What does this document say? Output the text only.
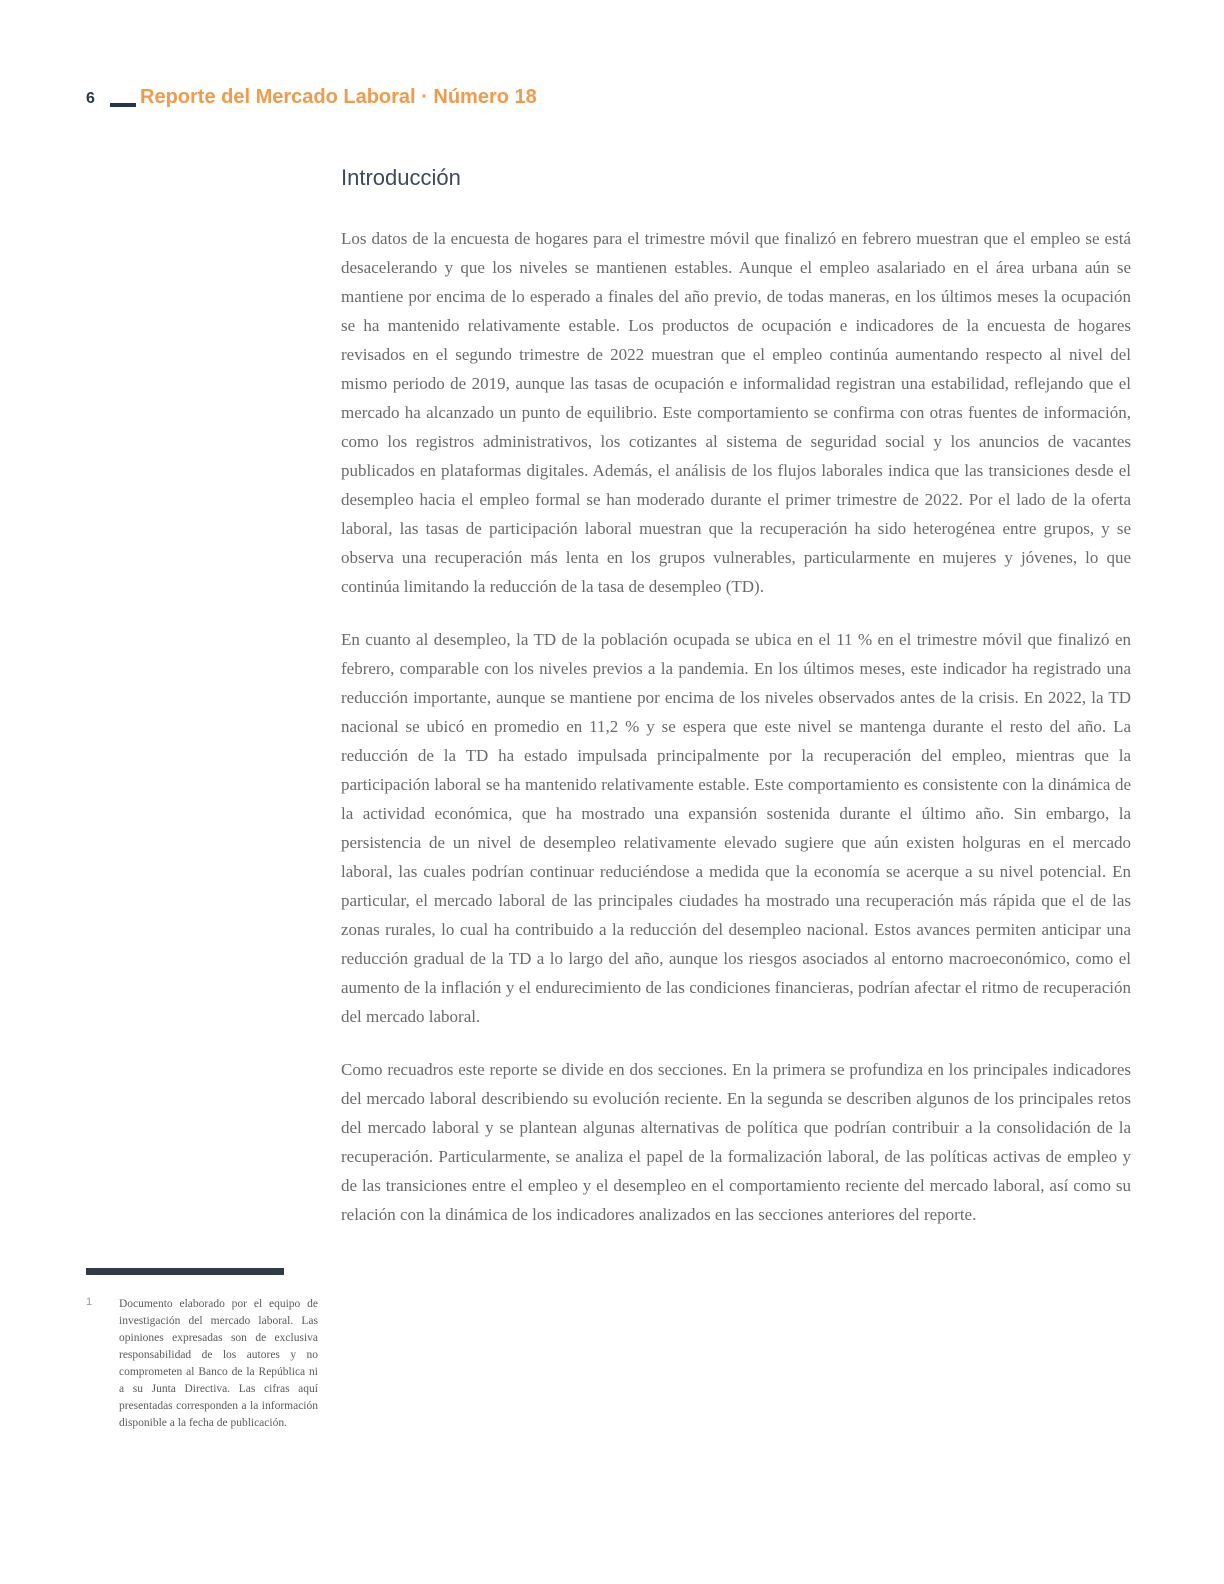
6 Reporte del Mercado Laboral · Número 18
Introducción

Los datos de la encuesta de hogares para el trimestre móvil que finalizó en febrero muestran que el empleo se está desacelerando y que los niveles se mantienen estables. Aunque el empleo asalariado en el área urbana aún se mantiene por encima de lo esperado a finales del año previo, de todas maneras, en los últimos meses la ocupación se ha mantenido relativamente estable. Los productos de ocupación e indicadores de la encuesta de hogares revisados en el segundo trimestre de 2022 muestran que el empleo continúa aumentando respecto al nivel del mismo periodo de 2019, aunque las tasas de ocupación e informalidad registran una estabilidad, reflejando que el mercado ha alcanzado un punto de equilibrio. Este comportamiento se confirma con otras fuentes de información, como los registros administrativos, los cotizantes al sistema de seguridad social y los anuncios de vacantes publicados en plataformas digitales. Además, el análisis de los flujos laborales indica que las transiciones desde el desempleo hacia el empleo formal se han moderado durante el primer trimestre de 2022. Por el lado de la oferta laboral, las tasas de participación laboral muestran que la recuperación ha sido heterogénea entre grupos, y se observa una recuperación más lenta en los grupos vulnerables, particularmente en mujeres y jóvenes, lo que continúa limitando la reducción de la tasa de desempleo (TD).

En cuanto al desempleo, la TD de la población ocupada se ubica en el 11 % en el trimestre móvil que finalizó en febrero, comparable con los niveles previos a la pandemia. En los últimos meses, este indicador ha registrado una reducción importante, aunque se mantiene por encima de los niveles observados antes de la crisis. En 2022, la TD nacional se ubicó en promedio en 11,2 % y se espera que este nivel se mantenga durante el resto del año. La reducción de la TD ha estado impulsada principalmente por la recuperación del empleo, mientras que la participación laboral se ha mantenido relativamente estable. Este comportamiento es consistente con la dinámica de la actividad económica, que ha mostrado una expansión sostenida durante el último año. Sin embargo, la persistencia de un nivel de desempleo relativamente elevado sugiere que aún existen holguras en el mercado laboral, las cuales podrían continuar reduciéndose a medida que la economía se acerque a su nivel potencial. En particular, el mercado laboral de las principales ciudades ha mostrado una recuperación más rápida que el de las zonas rurales, lo cual ha contribuido a la reducción del desempleo nacional. Estos avances permiten anticipar una reducción gradual de la TD a lo largo del año, aunque los riesgos asociados al entorno macroeconómico, como el aumento de la inflación y el endurecimiento de las condiciones financieras, podrían afectar el ritmo de recuperación del mercado laboral.

Como recuadros este reporte se divide en dos secciones. En la primera se profundiza en los principales indicadores del mercado laboral describiendo su evolución reciente. En la segunda se describen algunos de los principales retos del mercado laboral y se plantean algunas alternativas de política que podrían contribuir a la consolidación de la recuperación. Particularmente, se analiza el papel de la formalización laboral, de las políticas activas de empleo y de las transiciones entre el empleo y el desempleo en el comportamiento reciente del mercado laboral, así como su relación con la dinámica de los indicadores analizados en las secciones anteriores del reporte.

1 Documento elaborado por el equipo de investigación del mercado laboral. Las opiniones expresadas son de exclusiva responsabilidad de los autores y no comprometen al Banco de la República ni a su Junta Directiva. Las cifras aquí presentadas corresponden a la información disponible a la fecha de publicación.
